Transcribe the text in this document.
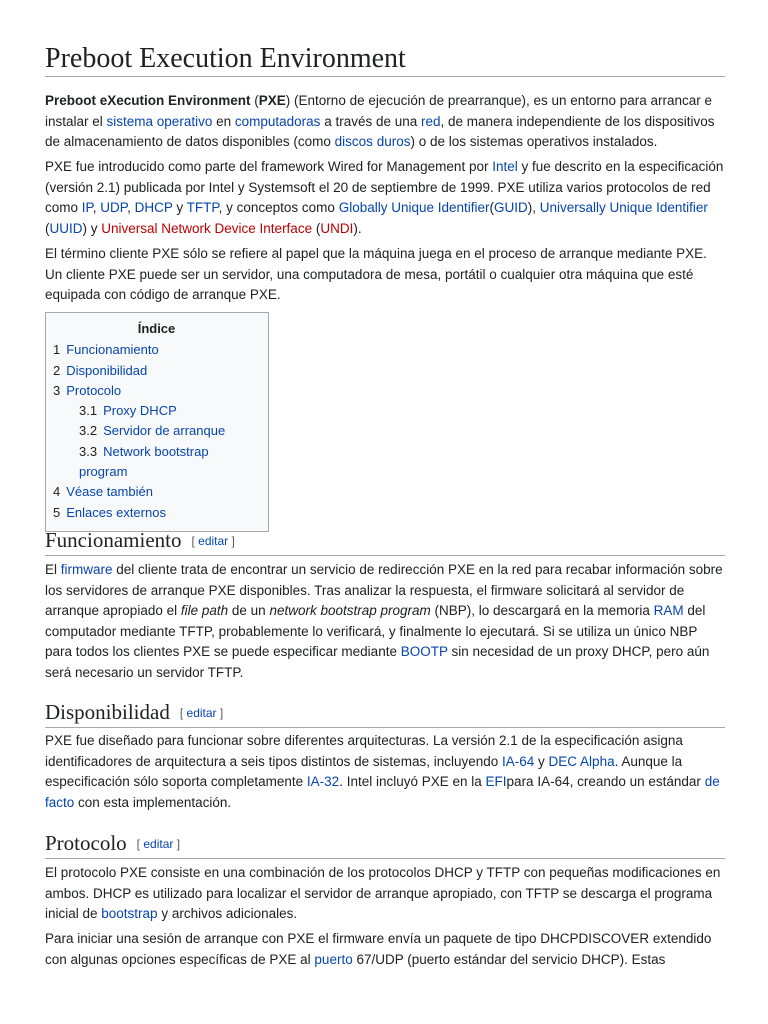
Preboot Execution Environment

Preboot eXecution Environment (PXE) (Entorno de ejecución de prearranque), es un entorno para arrancar e instalar el sistema operativo en computadoras a través de una red, de manera independiente de los dispositivos de almacenamiento de datos disponibles (como discos duros) o de los sistemas operativos instalados.

PXE fue introducido como parte del framework Wired for Management por Intel y fue descrito en la especificación (versión 2.1) publicada por Intel y Systemsoft el 20 de septiembre de 1999. PXE utiliza varios protocolos de red como IP, UDP, DHCP y TFTP, y conceptos como Globally Unique Identifier(GUID), Universally Unique Identifier (UUID) y Universal Network Device Interface (UNDI).

El término cliente PXE sólo se refiere al papel que la máquina juega en el proceso de arranque mediante PXE. Un cliente PXE puede ser un servidor, una computadora de mesa, portátil o cualquier otra máquina que esté equipada con código de arranque PXE.

Índice
1 Funcionamiento
2 Disponibilidad
3 Protocolo
3.1 Proxy DHCP
3.2 Servidor de arranque
3.3 Network bootstrap program
4 Véase también
5 Enlaces externos
Funcionamiento [ editar ]

El firmware del cliente trata de encontrar un servicio de redirección PXE en la red para recabar información sobre los servidores de arranque PXE disponibles. Tras analizar la respuesta, el firmware solicitará al servidor de arranque apropiado el file path de un network bootstrap program (NBP), lo descargará en la memoria RAM del computador mediante TFTP, probablemente lo verificará, y finalmente lo ejecutará. Si se utiliza un único NBP para todos los clientes PXE se puede especificar mediante BOOTP sin necesidad de un proxy DHCP, pero aún será necesario un servidor TFTP.

Disponibilidad [ editar ]

PXE fue diseñado para funcionar sobre diferentes arquitecturas. La versión 2.1 de la especificación asigna identificadores de arquitectura a seis tipos distintos de sistemas, incluyendo IA-64 y DEC Alpha. Aunque la especificación sólo soporta completamente IA-32. Intel incluyó PXE en la EFIpara IA-64, creando un estándar de facto con esta implementación.

Protocolo [ editar ]

El protocolo PXE consiste en una combinación de los protocolos DHCP y TFTP con pequeñas modificaciones en ambos. DHCP es utilizado para localizar el servidor de arranque apropiado, con TFTP se descarga el programa inicial de bootstrap y archivos adicionales.

Para iniciar una sesión de arranque con PXE el firmware envía un paquete de tipo DHCPDISCOVER extendido con algunas opciones específicas de PXE al puerto 67/UDP (puerto estándar del servicio DHCP). Estas
